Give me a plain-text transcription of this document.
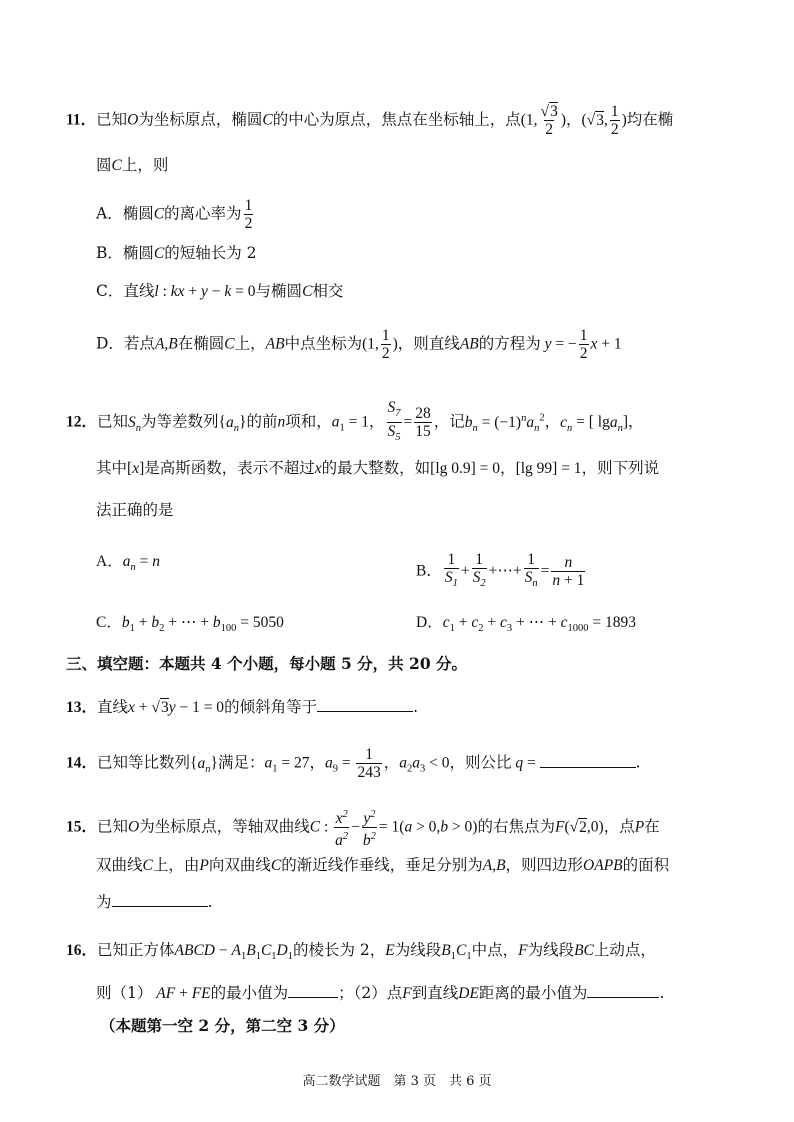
11．已知O为坐标原点，椭圆C的中心为原点，焦点在坐标轴上，点(1, $\frac{√3}{2}$ )，(√3, $\frac{1}{2}$ )均在椭
圆C上，则
A．椭圆C的离心率为 $\frac{1}{2}$
B．椭圆C的短轴长为 2
C．直线l : kx + y − k = 0与椭圆C相交
D．若点A,B在椭圆C上，AB中点坐标为(1, $\frac{1}{2}$ )，则直线AB的方程为 y = − $\frac{1}{2}$ x + 1
12．已知$S_n$为等差数列$\{a_n\}$的前n项和，$a_1 = 1$， $\frac{S_7}{S_5} = \frac{28}{15}$ ，记$b_n = (-1)^na_n^2$，$c_n$ = [ lga$_n$]，
其中[x]是高斯函数，表示不超过x的最大整数，如[lg 0.9] = 0，[lg 99] = 1，则下列说
法正确的是
A．$a_n = n$
B． $\frac{1}{S_1} + \frac{1}{S_2}$ +⋯+ $\frac{1}{S_n} = \frac{n}{n + 1}$
C．$b_1 + b_2$ + ⋯ + $b_{100} = 5050$	D．$c_1 + c_2 + c_3$ + ⋯ + $c_{1000} = 1893$
三、填空题：本题共 4 个小题，每小题 5 分，共 20 分。
13．直线x + √3y − 1 = 0的倾斜角等于	.
14．已知等比数列$\{a_n\}$满足：$a_1 = 27$，$a_9 = \frac{1}{243}$ ，$a_2a_3 < 0$，则公比 q =	.
15．已知O为坐标原点，等轴双曲线C : $\frac{x^2}{a^2} - \frac{y^2}{b^2} = 1(a > 0,b > 0)$的右焦点为F(√2,0)，点P在
双曲线C上，由P向双曲线C的渐近线作垂线，垂足分别为A,B，则四边形OAPB的面积
为	.
16．已知正方体ABCD − $A_1B_1C_1D_1$的棱长为 2，E为线段$B_1C_1$中点，F为线段BC上动点，
则（1） AF + FE的最小值为	；（2）点F到直线DE距离的最小值为	.
（本题第一空 2 分，第二空 3 分）
高二数学试题　第 3 页　共 6 页
